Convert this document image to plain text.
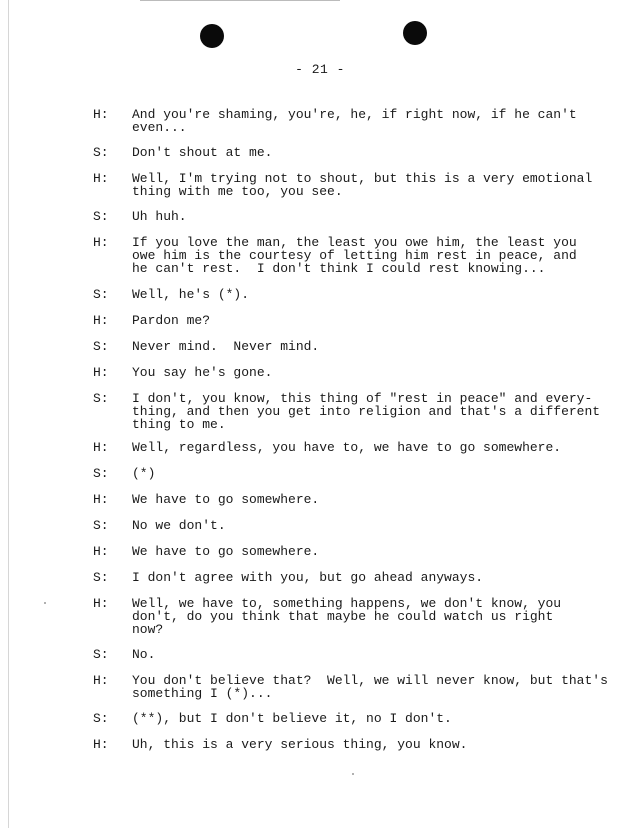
- 21 -
H: And you're shaming, you're, he, if right now, if he can't
even...
S: Don't shout at me.
H: Well, I'm trying not to shout, but this is a very emotional
thing with me too, you see.
S: Uh huh.
H: If you love the man, the least you owe him, the least you
owe him is the courtesy of letting him rest in peace, and
he can't rest.  I don't think I could rest knowing...
S: Well, he's (*).
H: Pardon me?
S: Never mind.  Never mind.
H: You say he's gone.
S: I don't, you know, this thing of "rest in peace" and every-
thing, and then you get into religion and that's a different
thing to me.
H: Well, regardless, you have to, we have to go somewhere.
S: (*)
H: We have to go somewhere.
S: No we don't.
H: We have to go somewhere.
S: I don't agree with you, but go ahead anyways.
H: Well, we have to, something happens, we don't know, you
don't, do you think that maybe he could watch us right
now?
S: No.
H: You don't believe that?  Well, we will never know, but that's
something I (*)...
S: (**), but I don't believe it, no I don't.
H: Uh, this is a very serious thing, you know.
